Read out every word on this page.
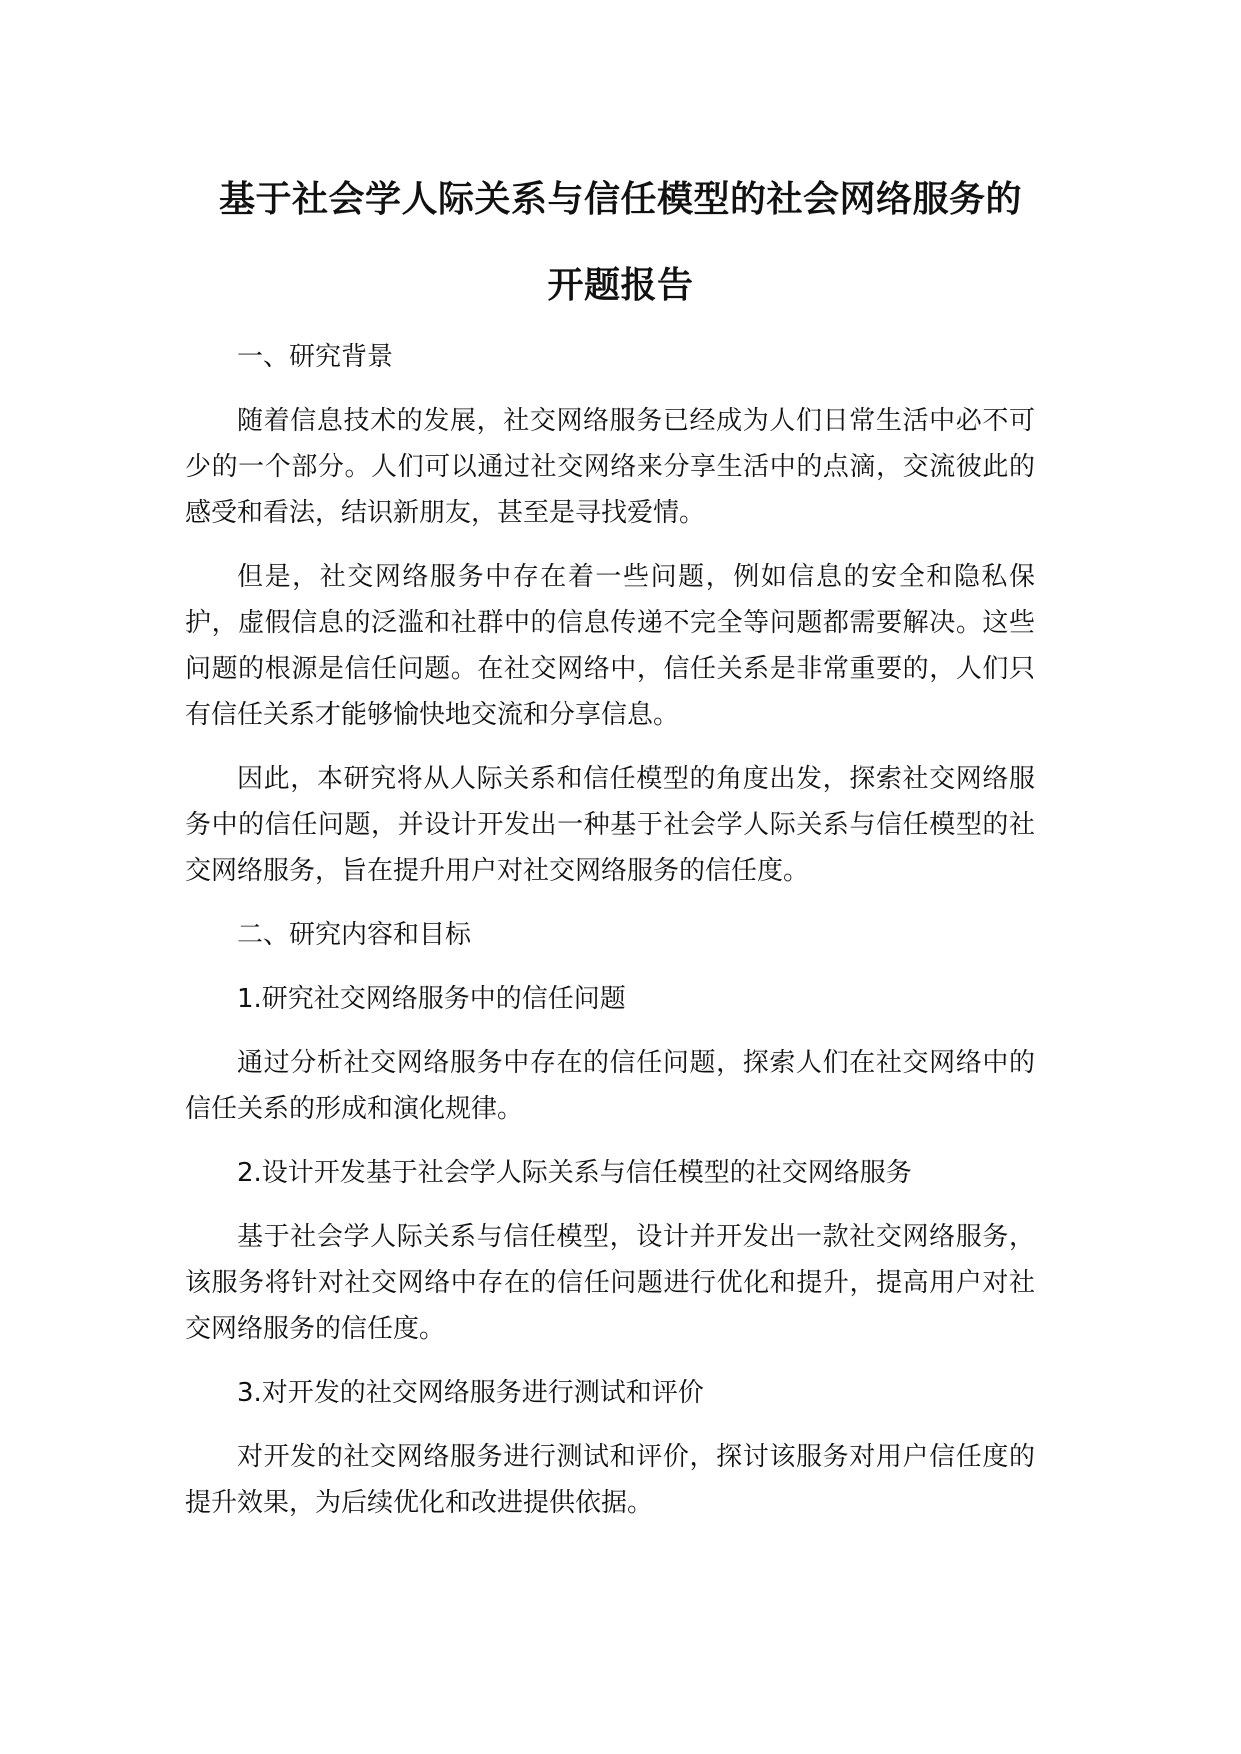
基于社会学人际关系与信任模型的社会网络服务的
开题报告

一、研究背景

随着信息技术的发展，社交网络服务已经成为人们日常生活中必不可少的一个部分。人们可以通过社交网络来分享生活中的点滴，交流彼此的感受和看法，结识新朋友，甚至是寻找爱情。

但是，社交网络服务中存在着一些问题，例如信息的安全和隐私保护，虚假信息的泛滥和社群中的信息传递不完全等问题都需要解决。这些问题的根源是信任问题。在社交网络中，信任关系是非常重要的，人们只有信任关系才能够愉快地交流和分享信息。

因此，本研究将从人际关系和信任模型的角度出发，探索社交网络服务中的信任问题，并设计开发出一种基于社会学人际关系与信任模型的社交网络服务，旨在提升用户对社交网络服务的信任度。

二、研究内容和目标

1.研究社交网络服务中的信任问题

通过分析社交网络服务中存在的信任问题，探索人们在社交网络中的信任关系的形成和演化规律。

2.设计开发基于社会学人际关系与信任模型的社交网络服务

基于社会学人际关系与信任模型，设计并开发出一款社交网络服务，该服务将针对社交网络中存在的信任问题进行优化和提升，提高用户对社交网络服务的信任度。

3.对开发的社交网络服务进行测试和评价

对开发的社交网络服务进行测试和评价，探讨该服务对用户信任度的提升效果，为后续优化和改进提供依据。
